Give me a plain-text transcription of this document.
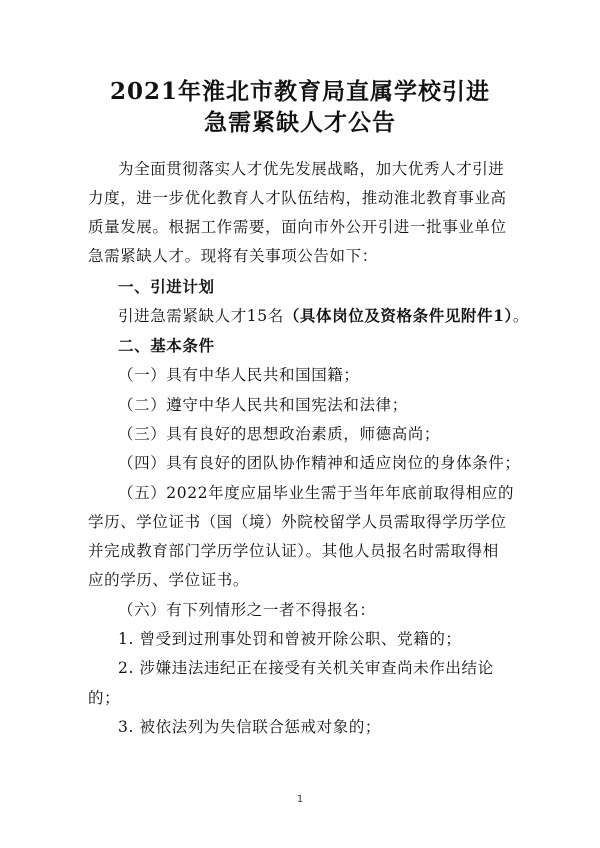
2021年淮北市教育局直属学校引进
急需紧缺人才公告
为全面贯彻落实人才优先发展战略，加大优秀人才引进
力度，进一步优化教育人才队伍结构，推动淮北教育事业高
质量发展。根据工作需要，面向市外公开引进一批事业单位
急需紧缺人才。现将有关事项公告如下：
一、引进计划
引进急需紧缺人才15名（具体岗位及资格条件见附件1）。
二、基本条件
（一）具有中华人民共和国国籍；
（二）遵守中华人民共和国宪法和法律；
（三）具有良好的思想政治素质，师德高尚；
（四）具有良好的团队协作精神和适应岗位的身体条件；
（五）2022年度应届毕业生需于当年年底前取得相应的
学历、学位证书（国（境）外院校留学人员需取得学历学位
并完成教育部门学历学位认证）。其他人员报名时需取得相
应的学历、学位证书。
（六）有下列情形之一者不得报名：
1. 曾受到过刑事处罚和曾被开除公职、党籍的；
2. 涉嫌违法违纪正在接受有关机关审查尚未作出结论
的；
3. 被依法列为失信联合惩戒对象的；
1
